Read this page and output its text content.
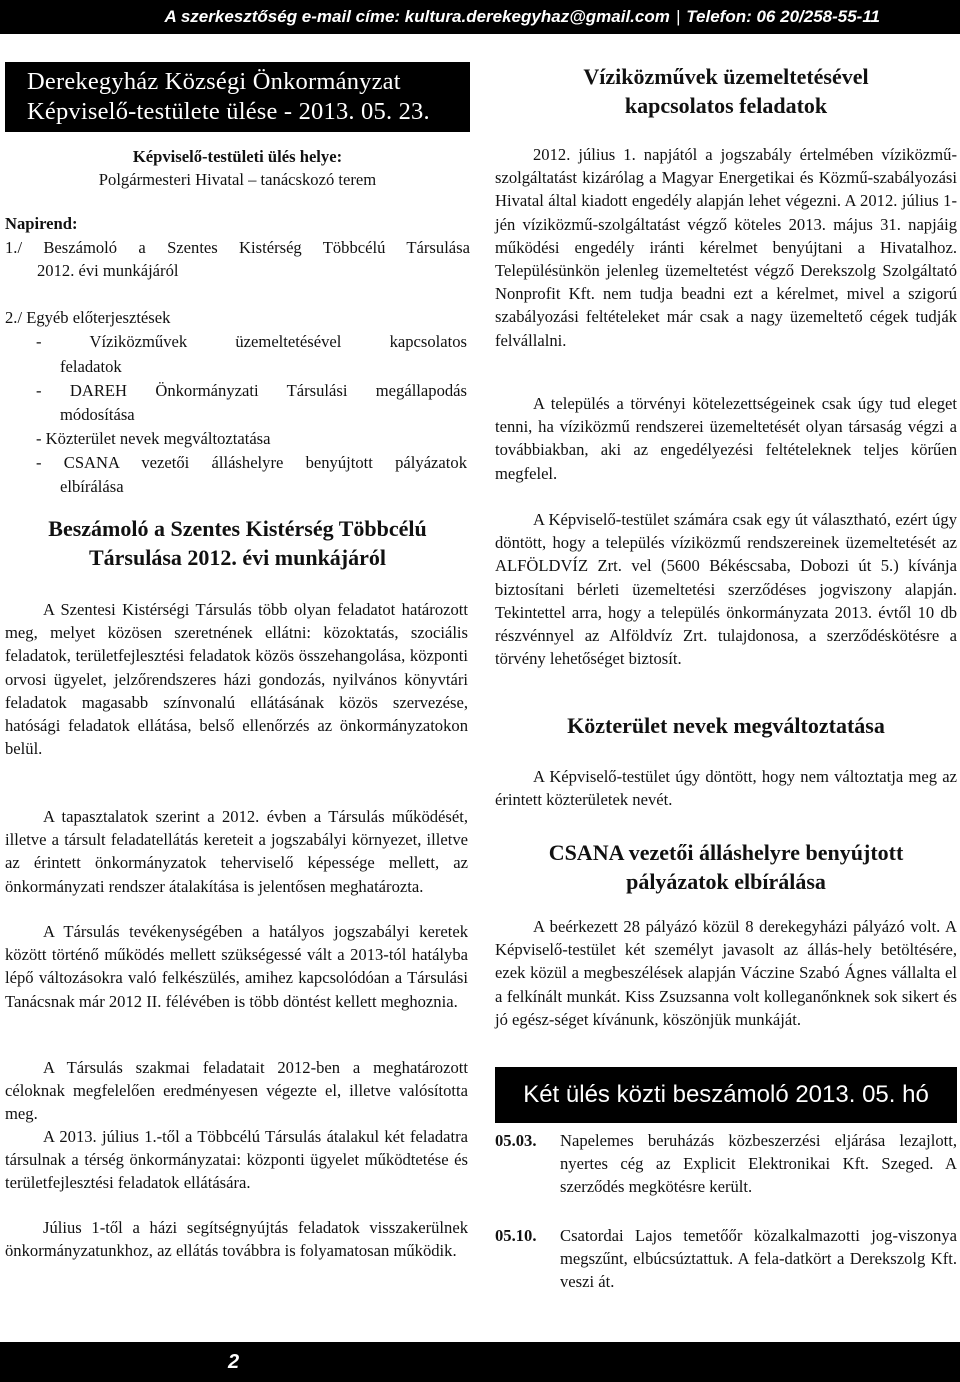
A szerkesztőség e-mail címe: kultura.derekegyhaz@gmail.com | Telefon: 06 20/258-55-11
Derekegyház Községi Önkormányzat
Képviselő-testülete ülése - 2013. 05. 23.
Képviselő-testületi ülés helye:
Polgármesteri Hivatal – tanácskozó terem
Napirend:
1./ Beszámoló a Szentes Kistérség Többcélú Társulása
2012. évi munkájáról
2./ Egyéb előterjesztések
- Víziközművek üzemeltetésével kapcsolatos
feladatok
- DAREH Önkormányzati Társulási megállapodás
módosítása
- Közterület nevek megváltoztatása
- CSANA vezetői álláshelyre benyújtott pályázatok
elbírálása
Beszámoló a Szentes Kistérség Többcélú
Társulása 2012. évi munkájáról
A Szentesi Kistérségi Társulás több olyan feladatot határozott meg, melyet közösen szeretnének ellátni: közoktatás, szociális feladatok, területfejlesztési feladatok közös összehangolása, központi orvosi ügyelet, jelzőrendszeres házi gondozás, nyilvános könyvtári feladatok magasabb színvonalú ellátásának közös szervezése, hatósági feladatok ellátása, belső ellenőrzés az önkormányzatokon belül.
A tapasztalatok szerint a 2012. évben a Társulás működését, illetve a társult feladatellátás kereteit a jogszabályi környezet, illetve az érintett önkormányzatok teherviselő képessége mellett, az önkormányzati rendszer átalakítása is jelentősen meghatározta.
A Társulás tevékenységében a hatályos jogszabályi keretek között történő működés mellett szükségessé vált a 2013-tól hatályba lépő változásokra való felkészülés, amihez kapcsolódóan a Társulási Tanácsnak már 2012 II. félévében is több döntést kellett meghoznia.
A Társulás szakmai feladatait 2012-ben a meghatározott céloknak megfelelően eredményesen végezte el, illetve valósította meg.
A 2013. július 1.-től a Többcélú Társulás átalakul két feladatra társulnak a térség önkormányzatai: központi ügyelet működtetése és területfejlesztési feladatok ellátására.
Július 1-től a házi segítségnyújtás feladatok visszakerülnek önkormányzatunkhoz, az ellátás továbbra is folyamatosan működik.
Víziközművek üzemeltetésével
kapcsolatos feladatok
2012. július 1. napjától a jogszabály értelmében víziközmű-szolgáltatást kizárólag a Magyar Energetikai és Közmű-szabályozási Hivatal által kiadott engedély alapján lehet végezni. A 2012. július 1-jén víziközmű-szolgáltatást végző köteles 2013. május 31. napjáig működési engedély iránti kérelmet benyújtani a Hivatalhoz. Településünkön jelenleg üzemeltetést végző Derekszolg Szolgáltató Nonprofit Kft. nem tudja beadni ezt a kérelmet, mivel a szigorú szabályozási feltételeket már csak a nagy üzemeltető cégek tudják felvállalni.
A település a törvényi kötelezettségeinek csak úgy tud eleget tenni, ha víziközmű rendszerei üzemeltetését olyan társaság végzi a továbbiakban, aki az engedélyezési feltételeknek teljes körűen megfelel.
A Képviselő-testület számára csak egy út választható, ezért úgy döntött, hogy a település víziközmű rendszereinek üzemeltetését az ALFÖLDVÍZ Zrt. vel (5600 Békéscsaba, Dobozi út 5.) kívánja biztosítani bérleti üzemeltetési szerződéses jogviszony alapján. Tekintettel arra, hogy a település önkormányzata 2013. évtől 10 db részvénnyel az Alföldvíz Zrt. tulajdonosa, a szerződéskötésre a törvény lehetőséget biztosít.
Közterület nevek megváltoztatása
A Képviselő-testület úgy döntött, hogy nem változtatja meg az érintett közterületek nevét.
CSANA vezetői álláshelyre benyújtott
pályázatok elbírálása
A beérkezett 28 pályázó közül 8 derekegyházi pályázó volt. A Képviselő-testület két személyt javasolt az állás-hely betöltésére, ezek közül a megbeszélések alapján Váczine Szabó Ágnes vállalta el a felkínált munkát. Kiss Zsuzsanna volt kolleganőnknek sok sikert és jó egész-séget kívánunk, köszönjük munkáját.
Két ülés közti beszámoló 2013. 05. hó
05.03.	Napelemes beruházás közbeszerzési eljárása lezajlott, nyertes cég az Explicit Elektronikai Kft. Szeged. A szerződés megkötésre került.
05.10.	Csatordai Lajos temetőőr közalkalmazotti jog-viszonya megszűnt, elbúcsúztattuk. A fela-datkört a Derekszolg Kft. veszi át.
2
